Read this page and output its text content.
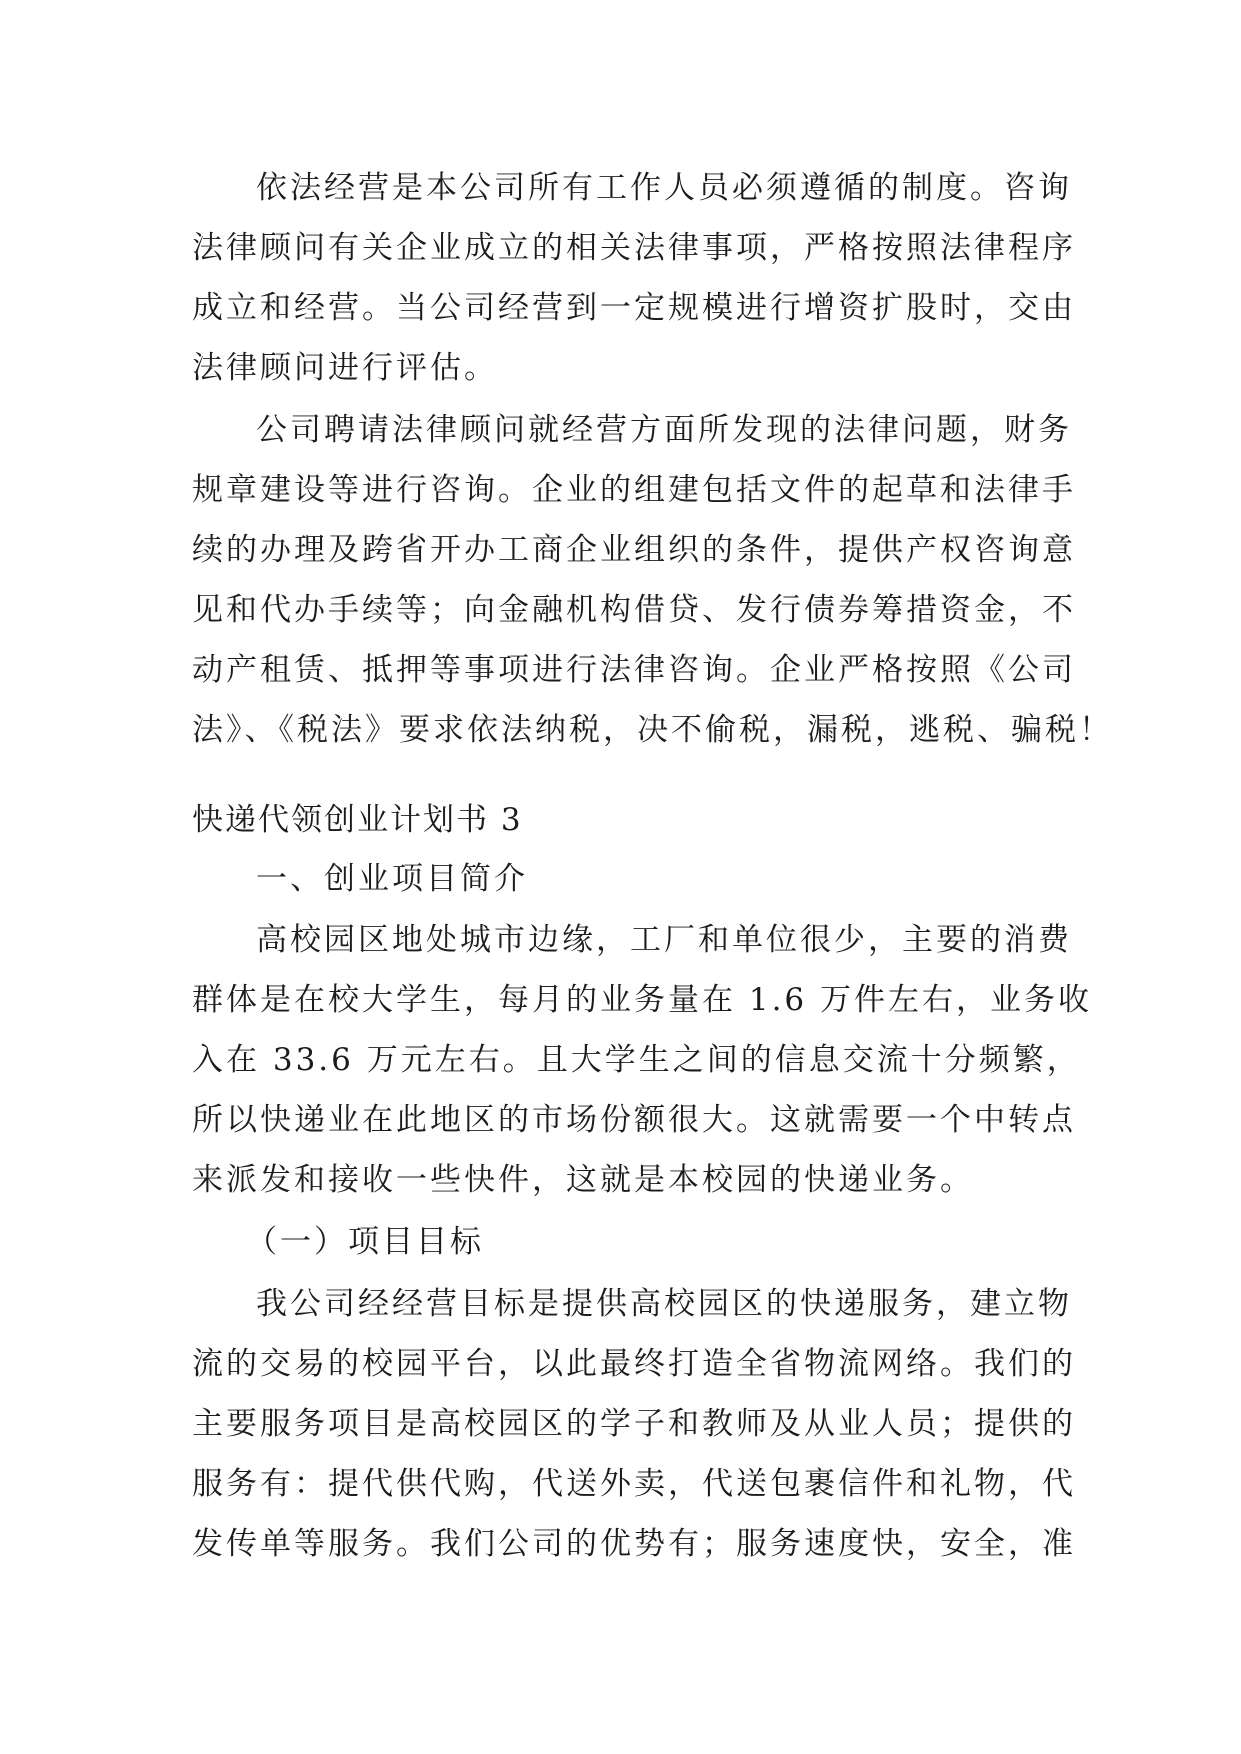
依法经营是本公司所有工作人员必须遵循的制度。咨询
法律顾问有关企业成立的相关法律事项，严格按照法律程序
成立和经营。当公司经营到一定规模进行增资扩股时，交由
法律顾问进行评估。
公司聘请法律顾问就经营方面所发现的法律问题，财务
规章建设等进行咨询。企业的组建包括文件的起草和法律手
续的办理及跨省开办工商企业组织的条件，提供产权咨询意
见和代办手续等；向金融机构借贷、发行债券筹措资金，不
动产租赁、抵押等事项进行法律咨询。企业严格按照《公司
法》、《税法》要求依法纳税，决不偷税，漏税，逃税、骗税！
快递代领创业计划书 3
一、创业项目简介
高校园区地处城市边缘，工厂和单位很少，主要的消费
群体是在校大学生，每月的业务量在 1.6 万件左右，业务收
入在 33.6 万元左右。且大学生之间的信息交流十分频繁，
所以快递业在此地区的市场份额很大。这就需要一个中转点
来派发和接收一些快件，这就是本校园的快递业务。
（一）项目目标
我公司经经营目标是提供高校园区的快递服务，建立物
流的交易的校园平台，以此最终打造全省物流网络。我们的
主要服务项目是高校园区的学子和教师及从业人员；提供的
服务有：提代供代购，代送外卖，代送包裹信件和礼物，代
发传单等服务。我们公司的优势有；服务速度快，安全，准
